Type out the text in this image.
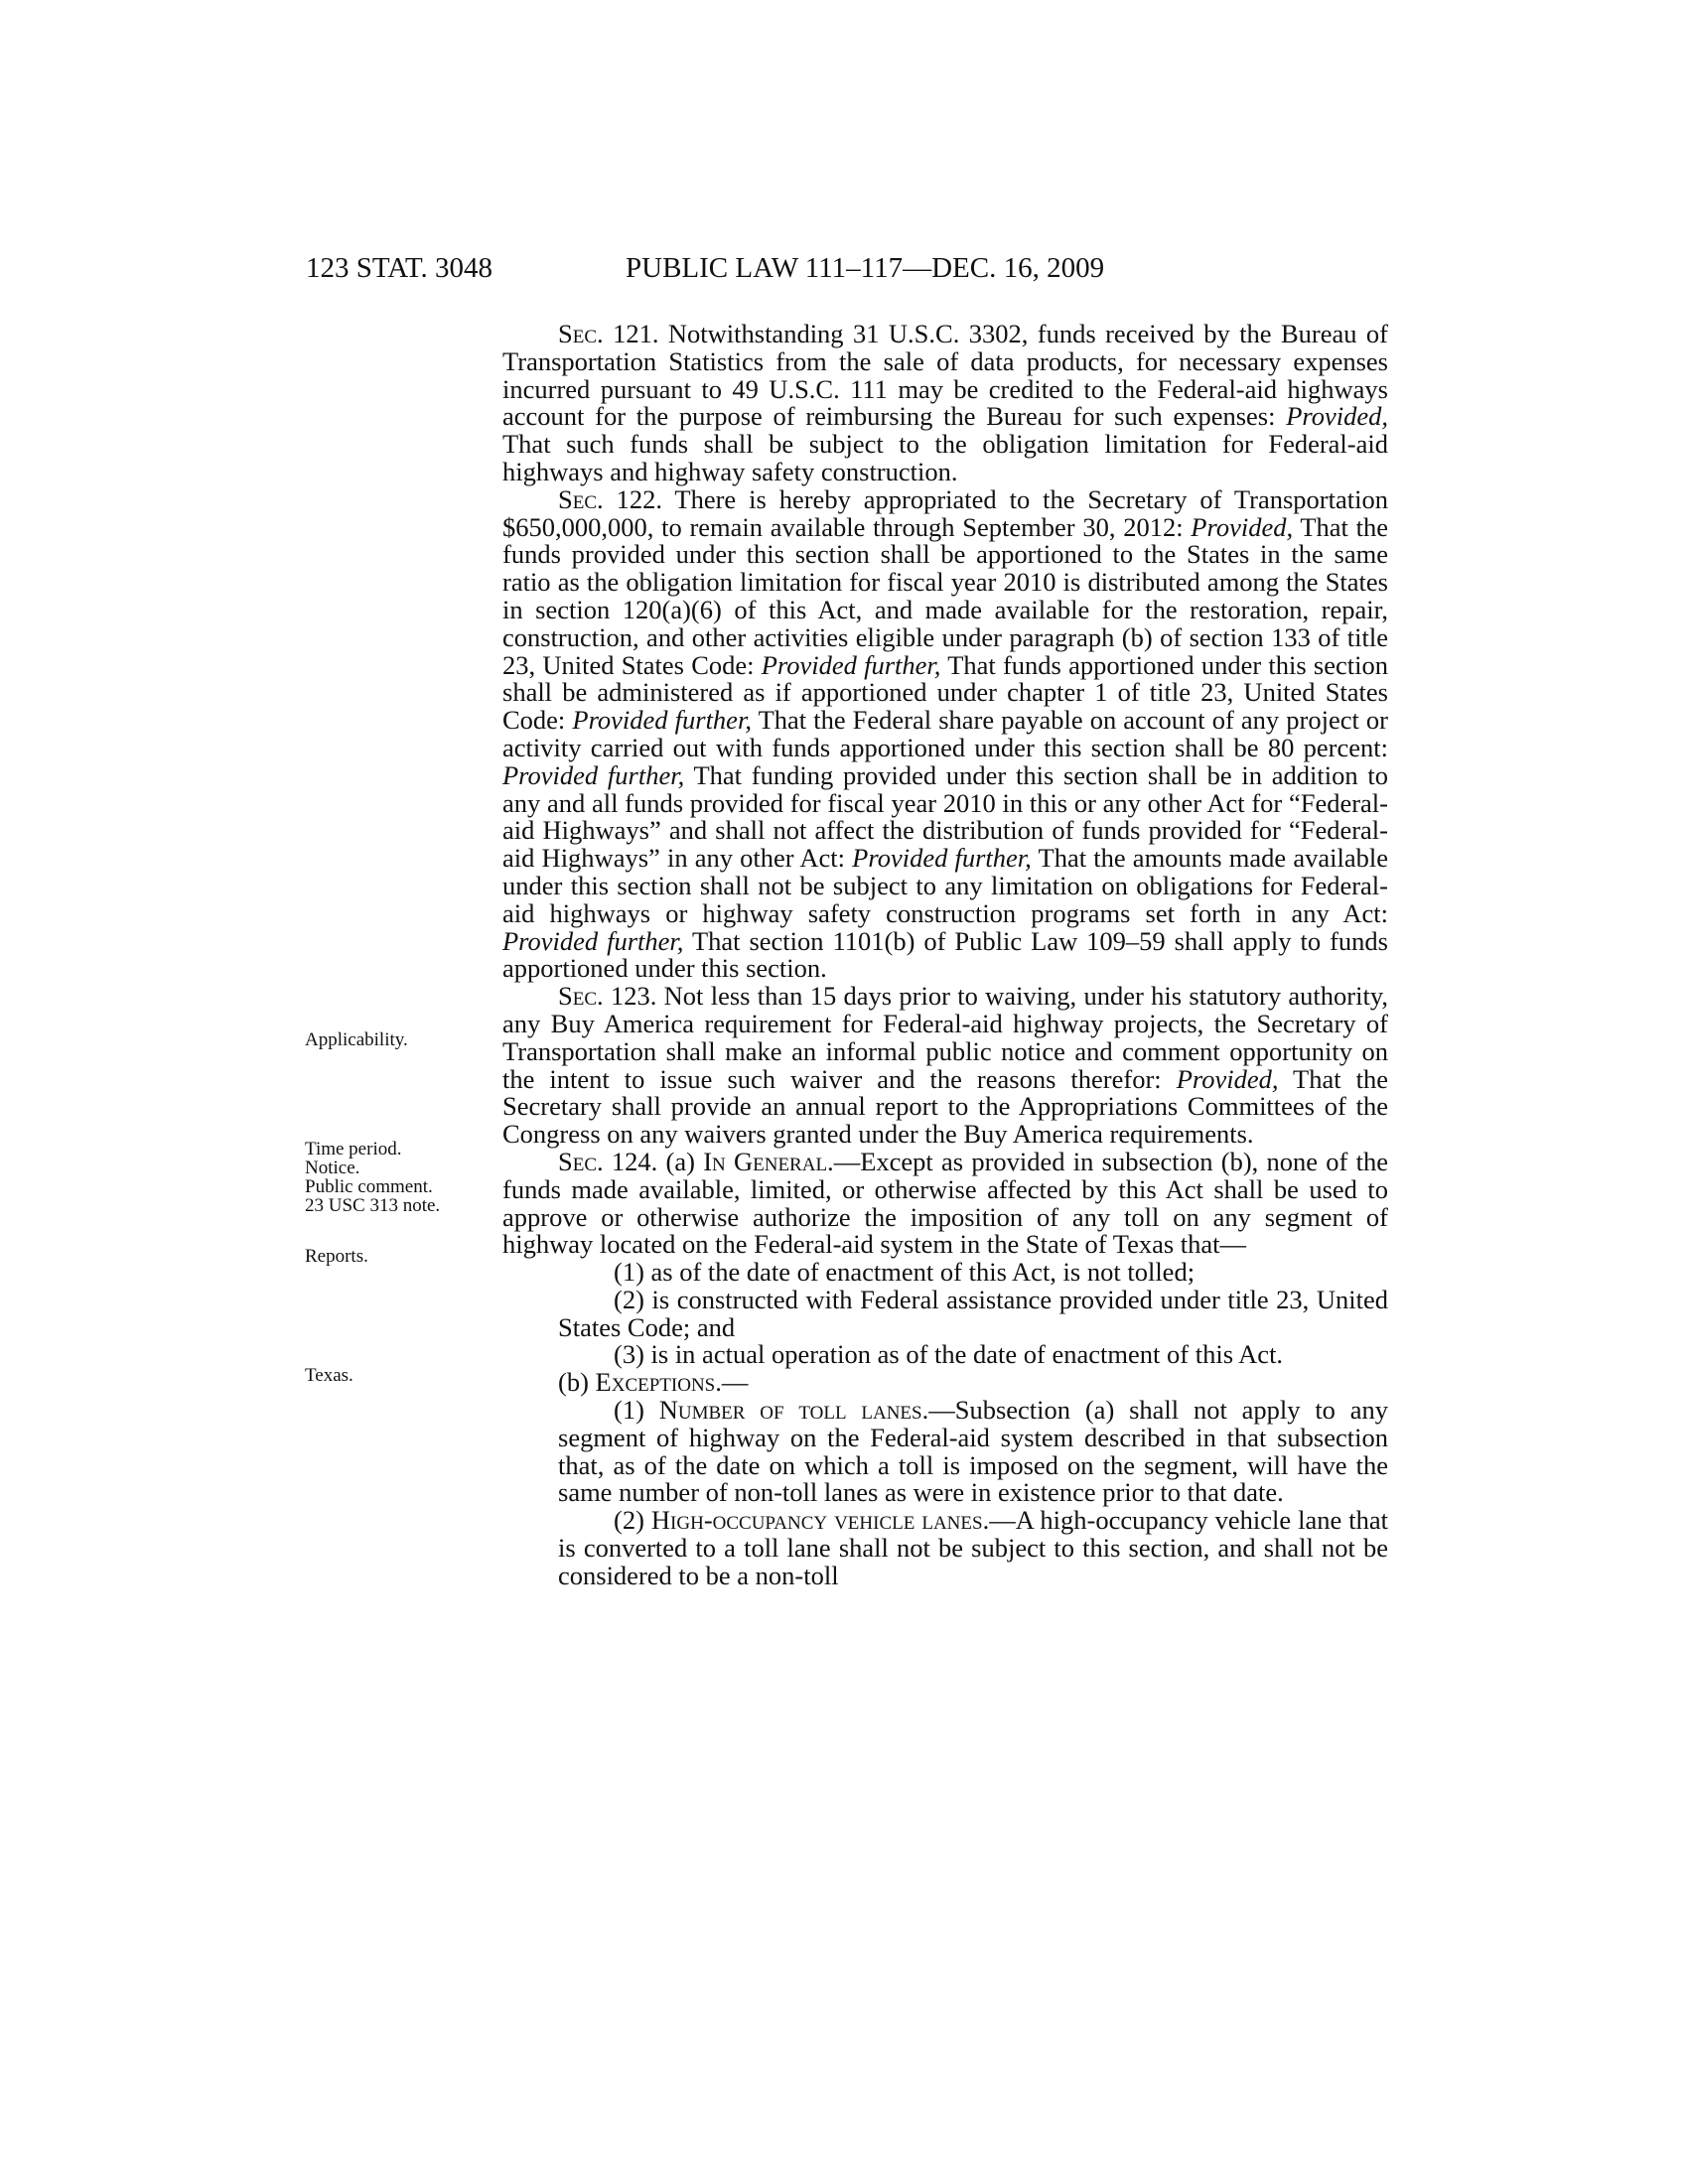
123 STAT. 3048	PUBLIC LAW 111–117—DEC. 16, 2009
Applicability.
Time period.
Notice.
Public comment.
23 USC 313 note.
Reports.
Texas.

Sec. 121. Notwithstanding 31 U.S.C. 3302, funds received by the Bureau of Transportation Statistics from the sale of data products, for necessary expenses incurred pursuant to 49 U.S.C. 111 may be credited to the Federal-aid highways account for the purpose of reimbursing the Bureau for such expenses: Provided, That such funds shall be subject to the obligation limitation for Federal-aid highways and highway safety construction.

Sec. 122. There is hereby appropriated to the Secretary of Transportation $650,000,000, to remain available through September 30, 2012: Provided, That the funds provided under this section shall be apportioned to the States in the same ratio as the obligation limitation for fiscal year 2010 is distributed among the States in section 120(a)(6) of this Act, and made available for the restoration, repair, construction, and other activities eligible under paragraph (b) of section 133 of title 23, United States Code: Provided further, That funds apportioned under this section shall be administered as if apportioned under chapter 1 of title 23, United States Code: Provided further, That the Federal share payable on account of any project or activity carried out with funds apportioned under this section shall be 80 percent: Provided further, That funding provided under this section shall be in addition to any and all funds provided for fiscal year 2010 in this or any other Act for “Federal-aid Highways” and shall not affect the distribution of funds provided for “Federal-aid Highways” in any other Act: Provided further, That the amounts made available under this section shall not be subject to any limitation on obligations for Federal-aid highways or highway safety construction programs set forth in any Act: Provided further, That section 1101(b) of Public Law 109–59 shall apply to funds apportioned under this section.

Sec. 123. Not less than 15 days prior to waiving, under his statutory authority, any Buy America requirement for Federal-aid highway projects, the Secretary of Transportation shall make an informal public notice and comment opportunity on the intent to issue such waiver and the reasons therefor: Provided, That the Secretary shall provide an annual report to the Appropriations Committees of the Congress on any waivers granted under the Buy America requirements.

Sec. 124. (a) In General.—Except as provided in subsection (b), none of the funds made available, limited, or otherwise affected by this Act shall be used to approve or otherwise authorize the imposition of any toll on any segment of highway located on the Federal-aid system in the State of Texas that—

(1) as of the date of enactment of this Act, is not tolled;

(2) is constructed with Federal assistance provided under title 23, United States Code; and

(3) is in actual operation as of the date of enactment of this Act.

(b) Exceptions.—

(1) Number of toll lanes.—Subsection (a) shall not apply to any segment of highway on the Federal-aid system described in that subsection that, as of the date on which a toll is imposed on the segment, will have the same number of non-toll lanes as were in existence prior to that date.

(2) High-occupancy vehicle lanes.—A high-occupancy vehicle lane that is converted to a toll lane shall not be subject to this section, and shall not be considered to be a non-toll
